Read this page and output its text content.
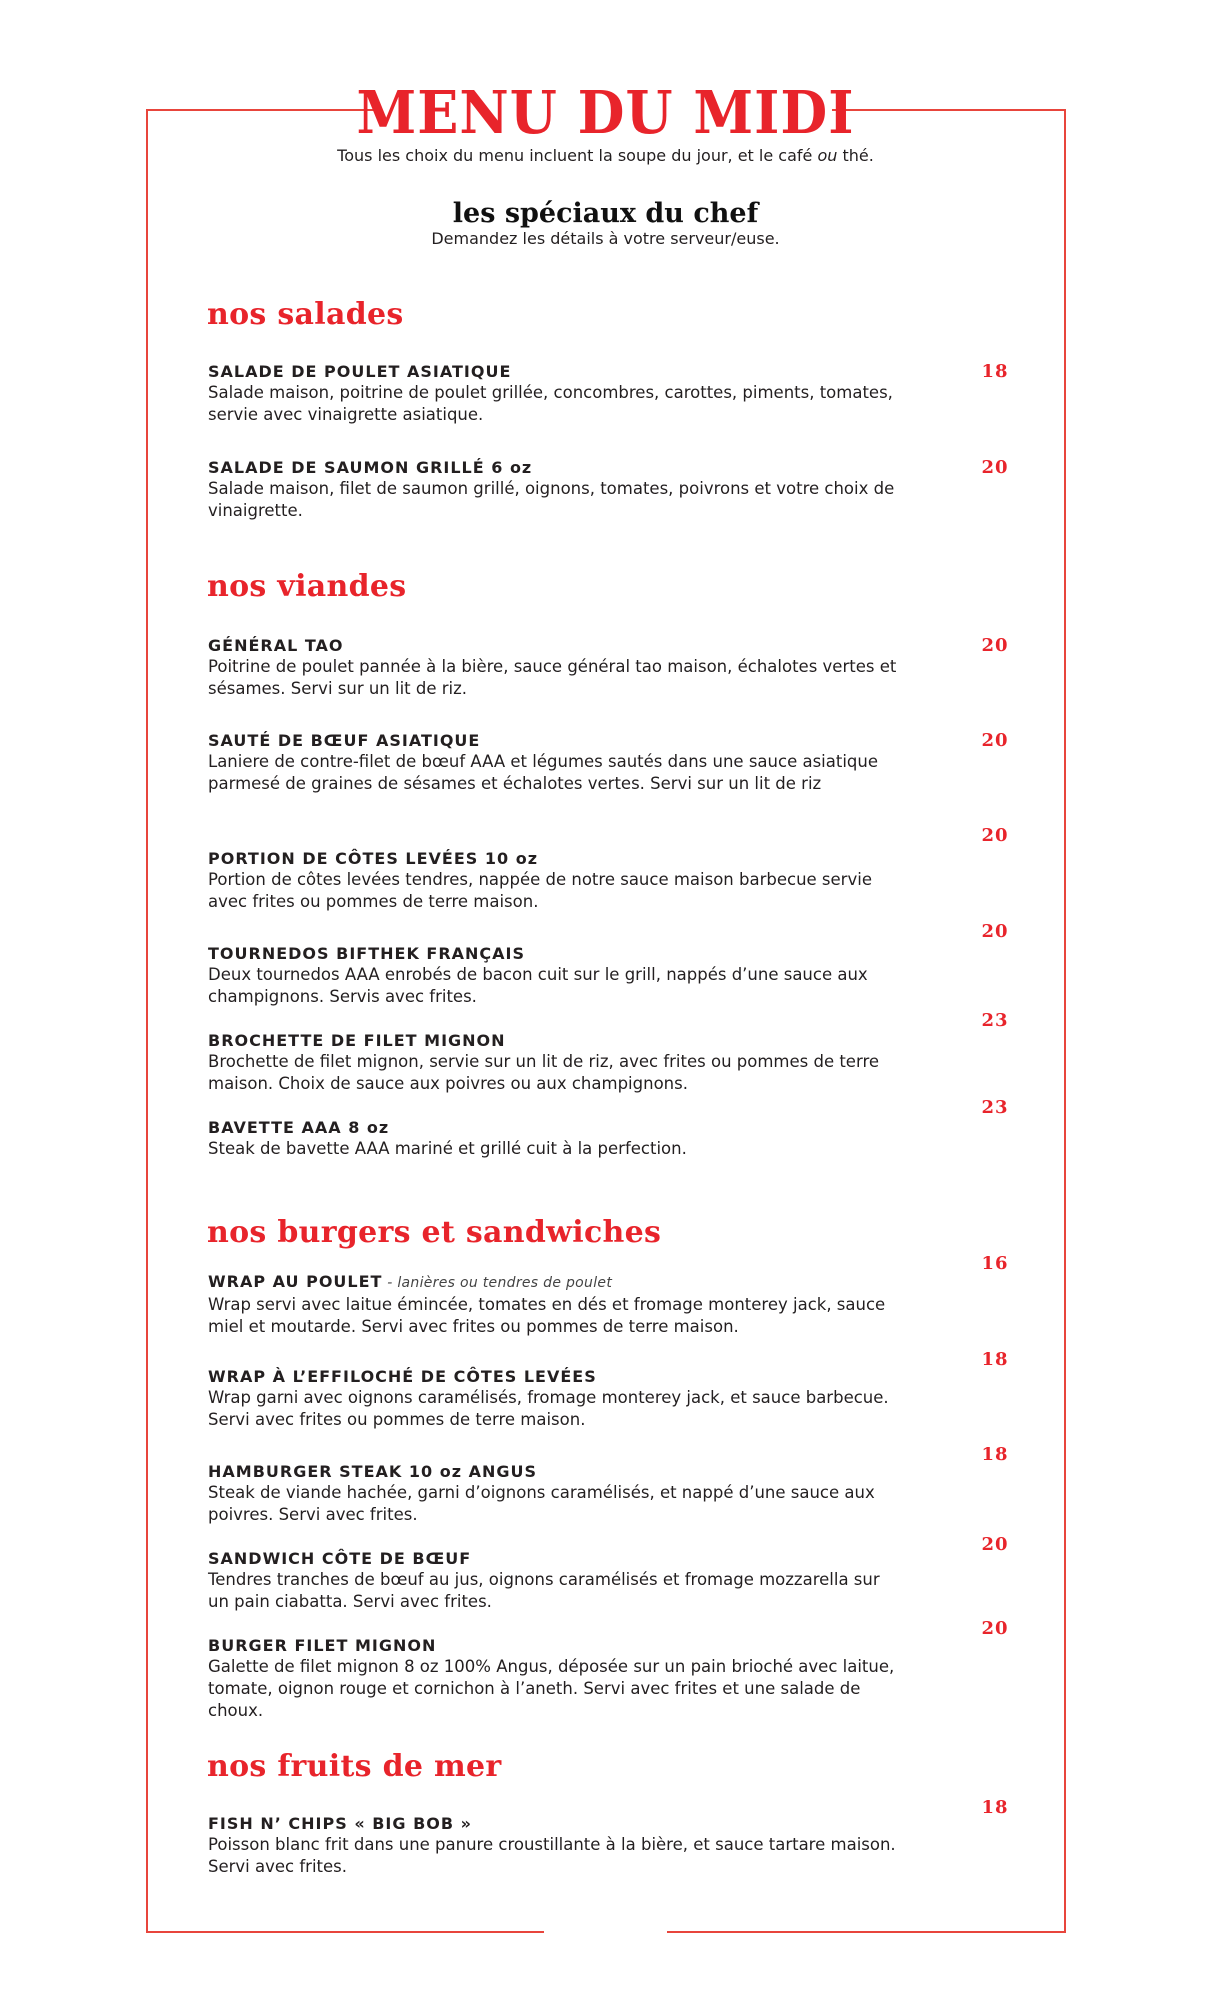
MENU DU MIDI
Tous les choix du menu incluent la soupe du jour, et le café ou thé.
les spéciaux du chef
Demandez les détails à votre serveur/euse.
nos salades
nos viandes
nos burgers et sandwiches
nos fruits de mer
SALADE DE POULET ASIATIQUE
Salade maison, poitrine de poulet grillée, concombres, carottes, piments, tomates, servie avec vinaigrette asiatique.
SALADE DE SAUMON GRILLÉ 6 oz
Salade maison, filet de saumon grillé, oignons, tomates, poivrons et votre choix de vinaigrette.
GÉNÉRAL TAO
Poitrine de poulet pannée à la bière, sauce général tao maison, échalotes vertes et sésames. Servi sur un lit de riz.
SAUTÉ DE BŒUF ASIATIQUE
Laniere de contre-filet de bœuf AAA et légumes sautés dans une sauce asiatique parmesé de graines de sésames et échalotes vertes. Servi sur un lit de riz
PORTION DE CÔTES LEVÉES 10 oz
Portion de côtes levées tendres, nappée de notre sauce maison barbecue servie avec frites ou pommes de terre maison.
TOURNEDOS BIFTHEK FRANÇAIS
Deux tournedos AAA enrobés de bacon cuit sur le grill, nappés d’une sauce aux champignons. Servis avec frites.
BROCHETTE DE FILET MIGNON
Brochette de filet mignon, servie sur un lit de riz, avec frites ou pommes de terre maison. Choix de sauce aux poivres ou aux champignons.
BAVETTE AAA 8 oz
Steak de bavette AAA mariné et grillé cuit à la perfection.
WRAP AU POULET - lanières ou tendres de poulet
Wrap servi avec laitue émincée, tomates en dés et fromage monterey jack, sauce miel et moutarde. Servi avec frites ou pommes de terre maison.
WRAP À L’EFFILOCHÉ DE CÔTES LEVÉES
Wrap garni avec oignons caramélisés, fromage monterey jack, et sauce barbecue. Servi avec frites ou pommes de terre maison.
HAMBURGER STEAK 10 oz ANGUS
Steak de viande hachée, garni d’oignons caramélisés, et nappé d’une sauce aux poivres. Servi avec frites.
SANDWICH CÔTE DE BŒUF
Tendres tranches de bœuf au jus, oignons caramélisés et fromage mozzarella sur un pain ciabatta. Servi avec frites.
BURGER FILET MIGNON
Galette de filet mignon 8 oz 100% Angus, déposée sur un pain brioché avec laitue, tomate, oignon rouge et cornichon à l’aneth. Servi avec frites et une salade de choux.
FISH N’ CHIPS « BIG BOB »
Poisson blanc frit dans une panure croustillante à la bière, et sauce tartare maison. Servi avec frites.
18
20
20
20
20
20
23
23
16
18
18
20
20
18
